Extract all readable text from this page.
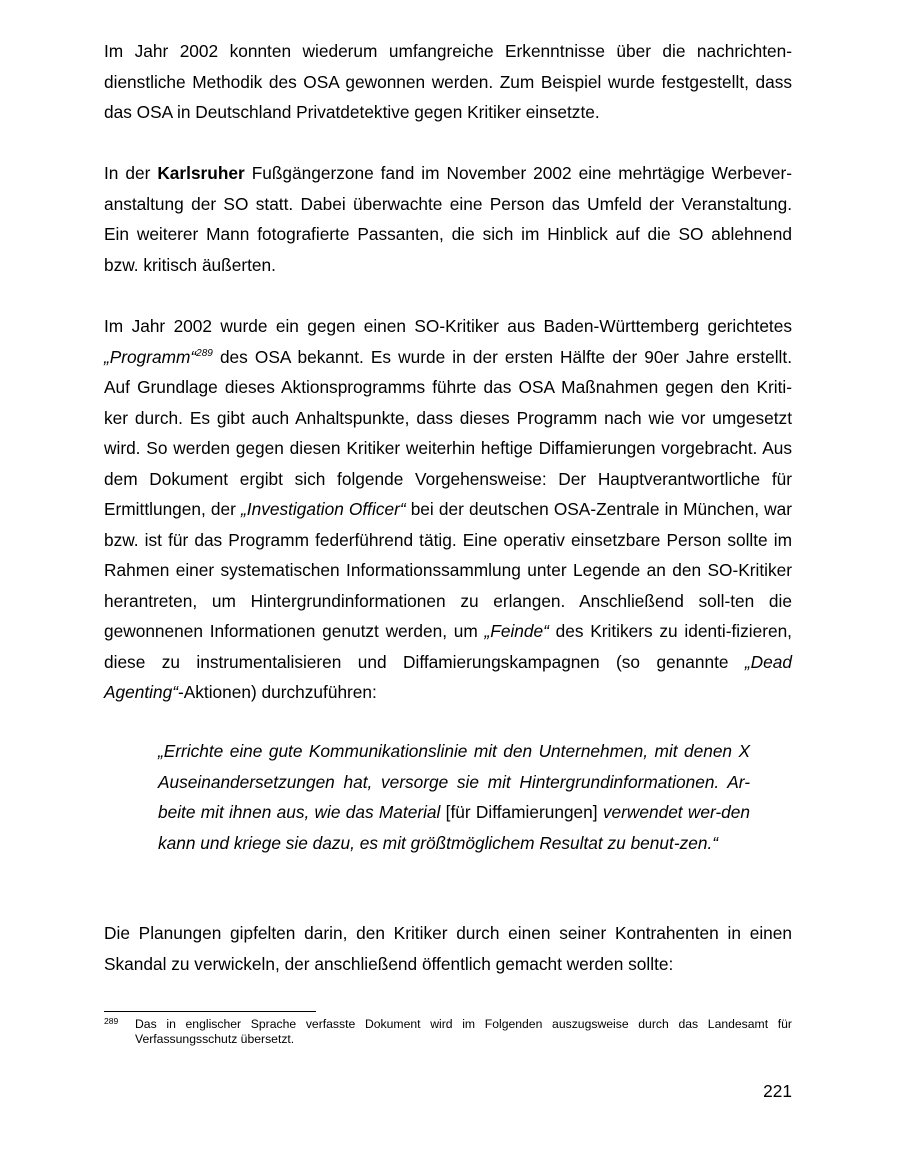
Im Jahr 2002 konnten wiederum umfangreiche Erkenntnisse über die nachrichten-dienstliche Methodik des OSA gewonnen werden. Zum Beispiel wurde festgestellt, dass das OSA in Deutschland Privatdetektive gegen Kritiker einsetzte.

In der Karlsruher Fußgängerzone fand im November 2002 eine mehrtägige Werbever-anstaltung der SO statt. Dabei überwachte eine Person das Umfeld der Veranstaltung. Ein weiterer Mann fotografierte Passanten, die sich im Hinblick auf die SO ablehnend bzw. kritisch äußerten.

Im Jahr 2002 wurde ein gegen einen SO-Kritiker aus Baden-Württemberg gerichtetes „Programm“$^{289}$ des OSA bekannt. Es wurde in der ersten Hälfte der 90er Jahre erstellt. Auf Grundlage dieses Aktionsprogramms führte das OSA Maßnahmen gegen den Kriti-ker durch. Es gibt auch Anhaltspunkte, dass dieses Programm nach wie vor umgesetzt wird. So werden gegen diesen Kritiker weiterhin heftige Diffamierungen vorgebracht. Aus dem Dokument ergibt sich folgende Vorgehensweise: Der Hauptverantwortliche für Ermittlungen, der „Investigation Officer“ bei der deutschen OSA-Zentrale in München, war bzw. ist für das Programm federführend tätig. Eine operativ einsetzbare Person sollte im Rahmen einer systematischen Informationssammlung unter Legende an den SO-Kritiker herantreten, um Hintergrundinformationen zu erlangen. Anschließend soll-ten die gewonnenen Informationen genutzt werden, um „Feinde“ des Kritikers zu identi-fizieren, diese zu instrumentalisieren und Diffamierungskampagnen (so genannte „Dead Agenting“-Aktionen) durchzuführen:

„Errichte eine gute Kommunikationslinie mit den Unternehmen, mit denen X Auseinandersetzungen hat, versorge sie mit Hintergrundinformationen. Ar-beite mit ihnen aus, wie das Material [für Diffamierungen] verwendet wer-den kann und kriege sie dazu, es mit größtmöglichem Resultat zu benut-zen.“

Die Planungen gipfelten darin, den Kritiker durch einen seiner Kontrahenten in einen Skandal zu verwickeln, der anschließend öffentlich gemacht werden sollte:

289 Das in englischer Sprache verfasste Dokument wird im Folgenden auszugsweise durch das Landesamt für Verfassungsschutz übersetzt.
221
